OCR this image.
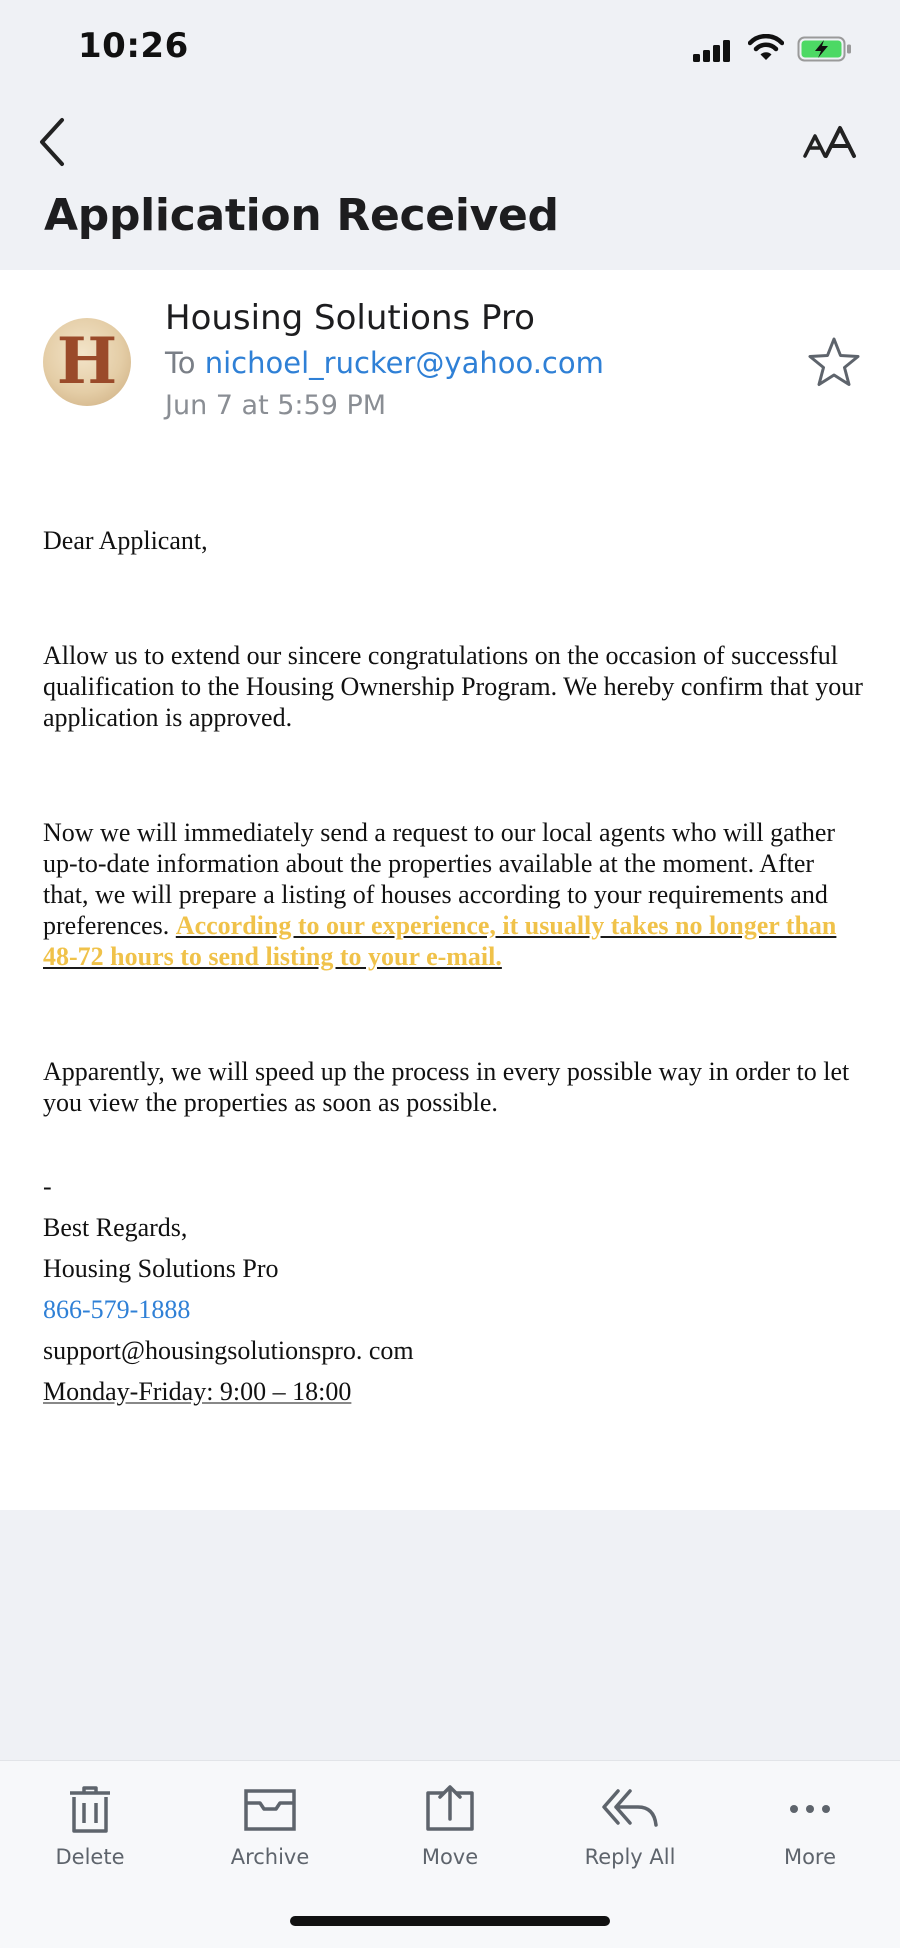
10:26
Application Received
H
Housing Solutions Pro
To nichoel_rucker@yahoo.com
Jun 7 at 5:59 PM

Dear Applicant,

Allow us to extend our sincere congratulations on the occasion of successful qualification to the Housing Ownership Program. We hereby confirm that your application is approved.

Now we will immediately send a request to our local agents who will gather up-to-date information about the properties available at the moment. After that, we will prepare a listing of houses according to your requirements and preferences. According to our experience, it usually takes no longer than 48-72 hours to send listing to your e-mail.

Apparently, we will speed up the process in every possible way in order to let you view the properties as soon as possible.

-
Best Regards,
Housing Solutions Pro
866-579-1888
support@housingsolutionspro. com
Monday-Friday: 9:00 – 18:00
Delete	Archive	Move	Reply All	More
